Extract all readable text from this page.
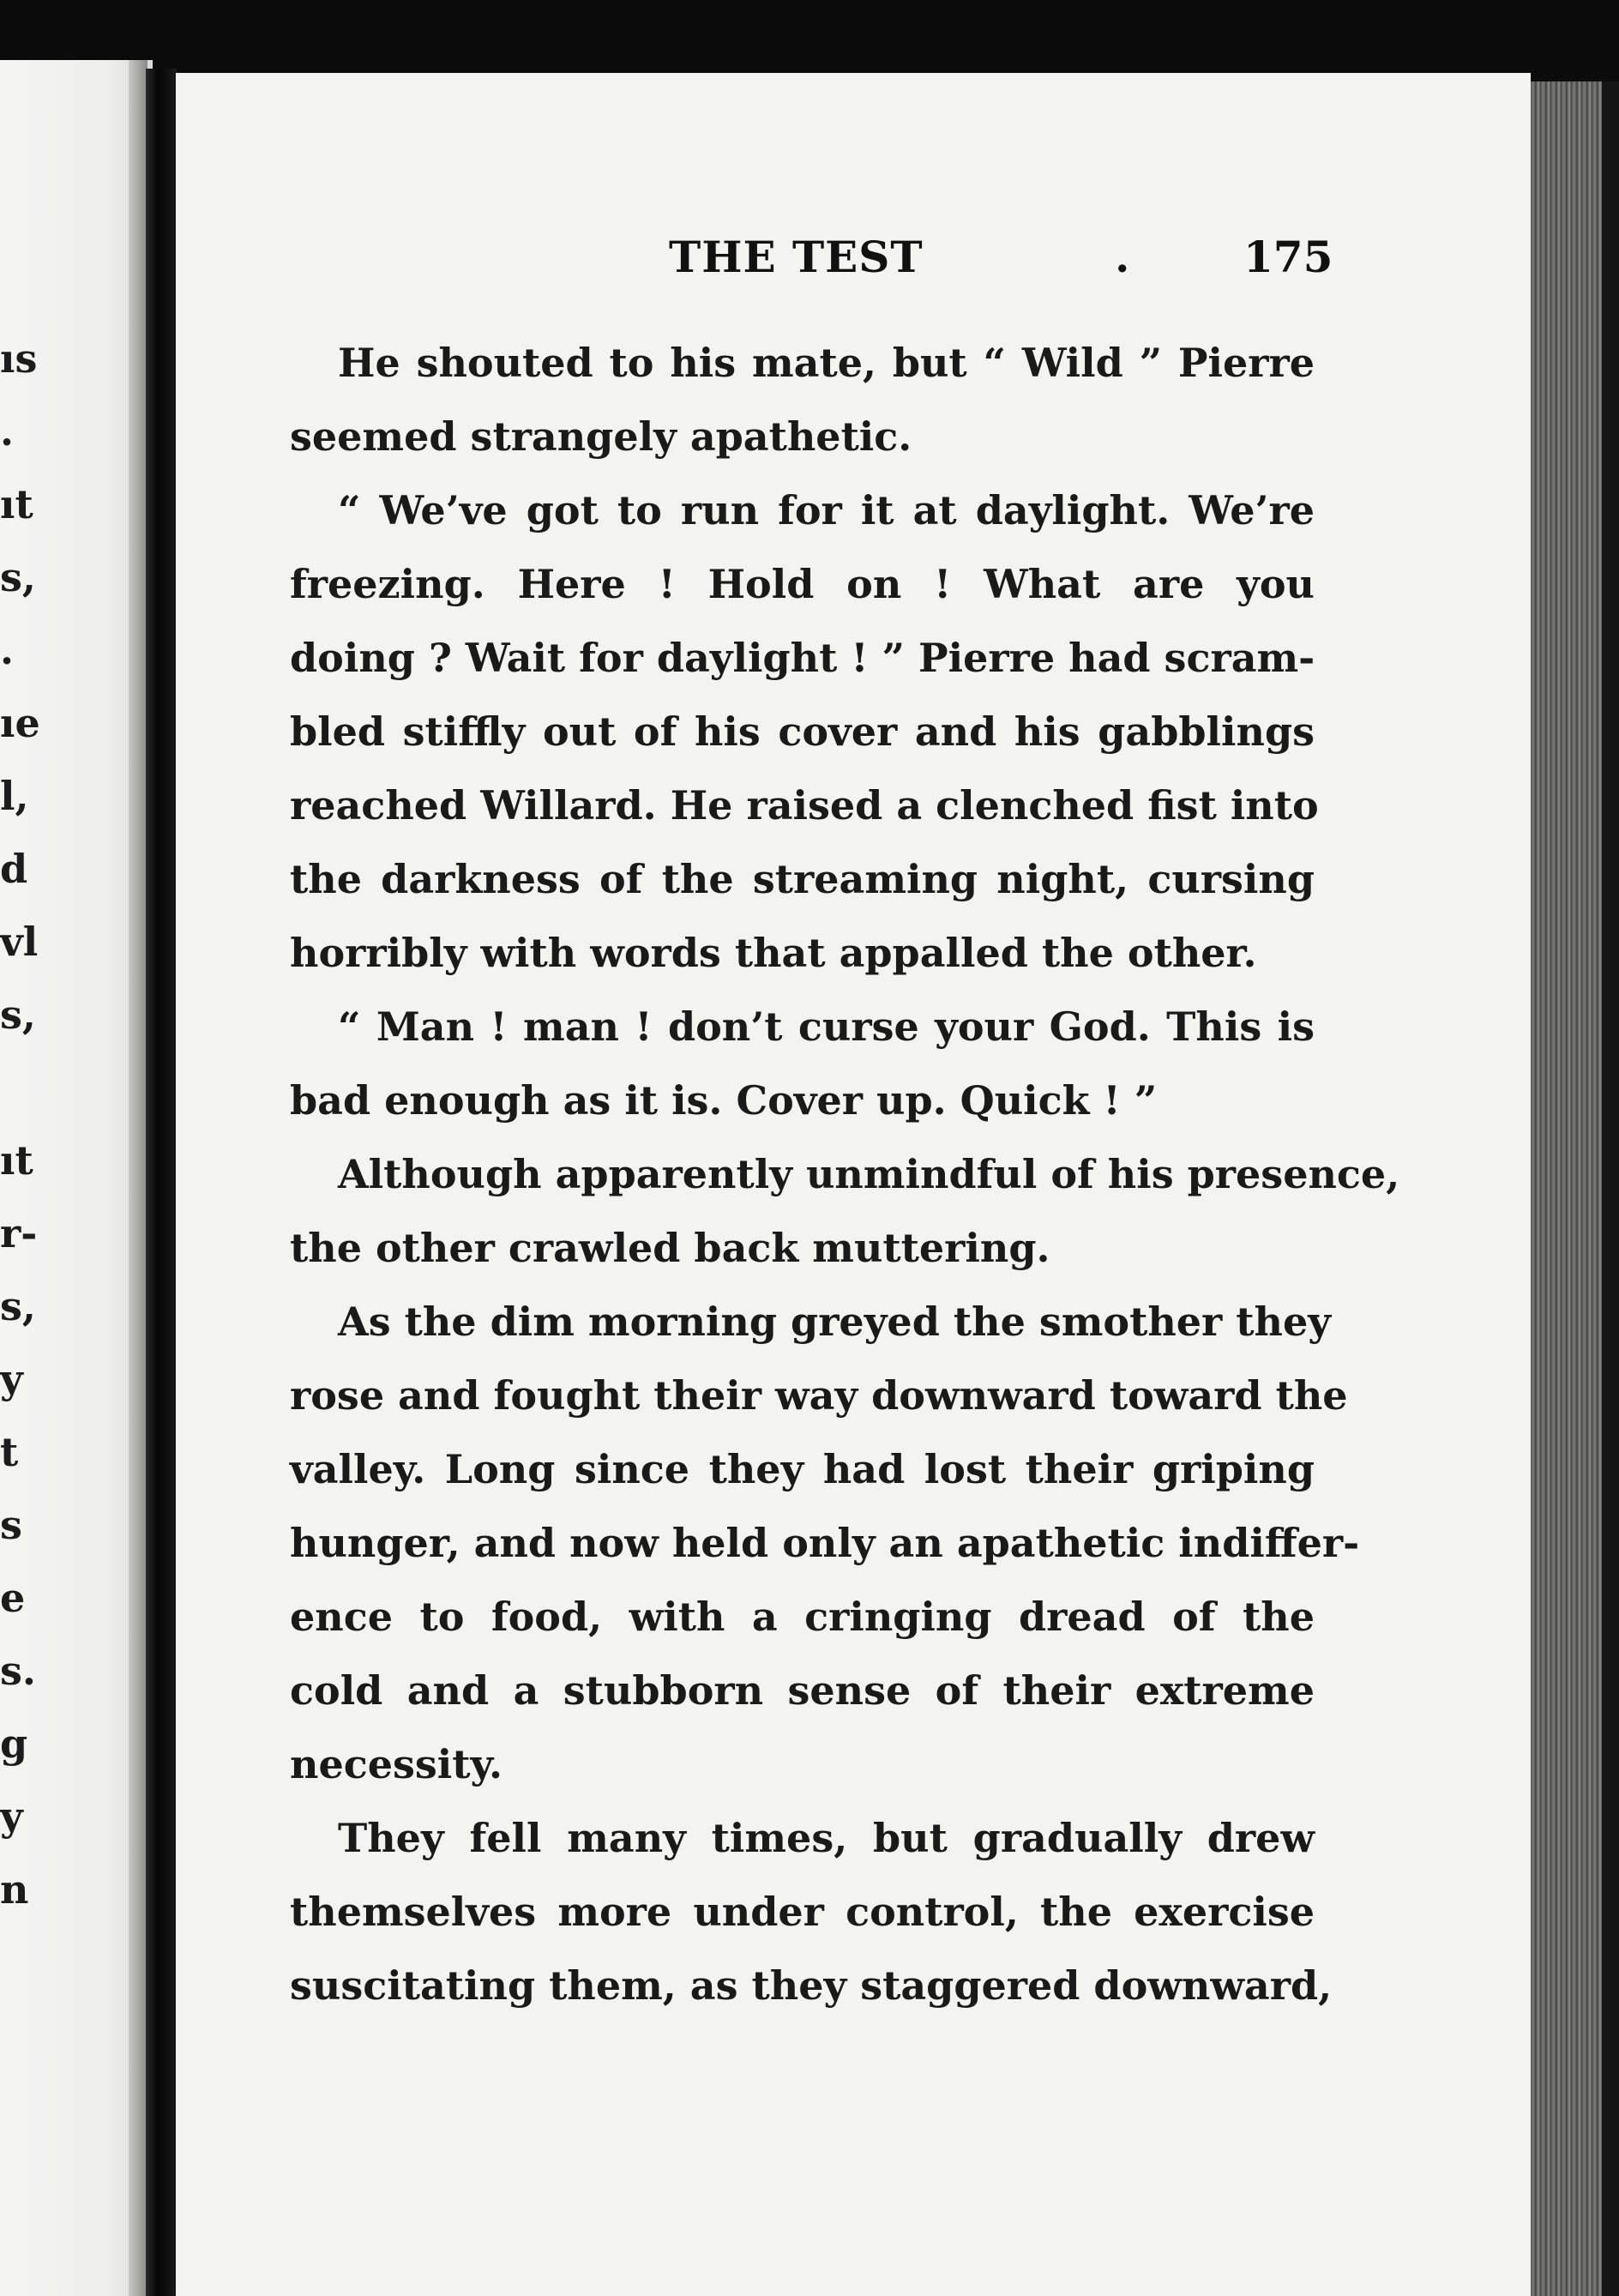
ıs
.
ıt
s,
.
ıe
l,
d
vl
s,
ıt
r-
s,
y
t
s
e
s.
g
y
n
THE TEST	.	175
He shouted to his mate, but “ Wild ” Pierre
seemed strangely apathetic.
“ We’ve got to run for it at daylight. We’re
freezing. Here ! Hold on ! What are you
doing ? Wait for daylight ! ” Pierre had scram-
bled stiffly out of his cover and his gabblings
reached Willard. He raised a clenched fist into
the darkness of the streaming night, cursing
horribly with words that appalled the other.
“ Man ! man ! don’t curse your God. This is
bad enough as it is. Cover up. Quick ! ”
Although apparently unmindful of his presence,
the other crawled back muttering.
As the dim morning greyed the smother they
rose and fought their way downward toward the
valley. Long since they had lost their griping
hunger, and now held only an apathetic indiffer-
ence to food, with a cringing dread of the
cold and a stubborn sense of their extreme
necessity.
They fell many times, but gradually drew
themselves more under control, the exercise
suscitating them, as they staggered downward,
